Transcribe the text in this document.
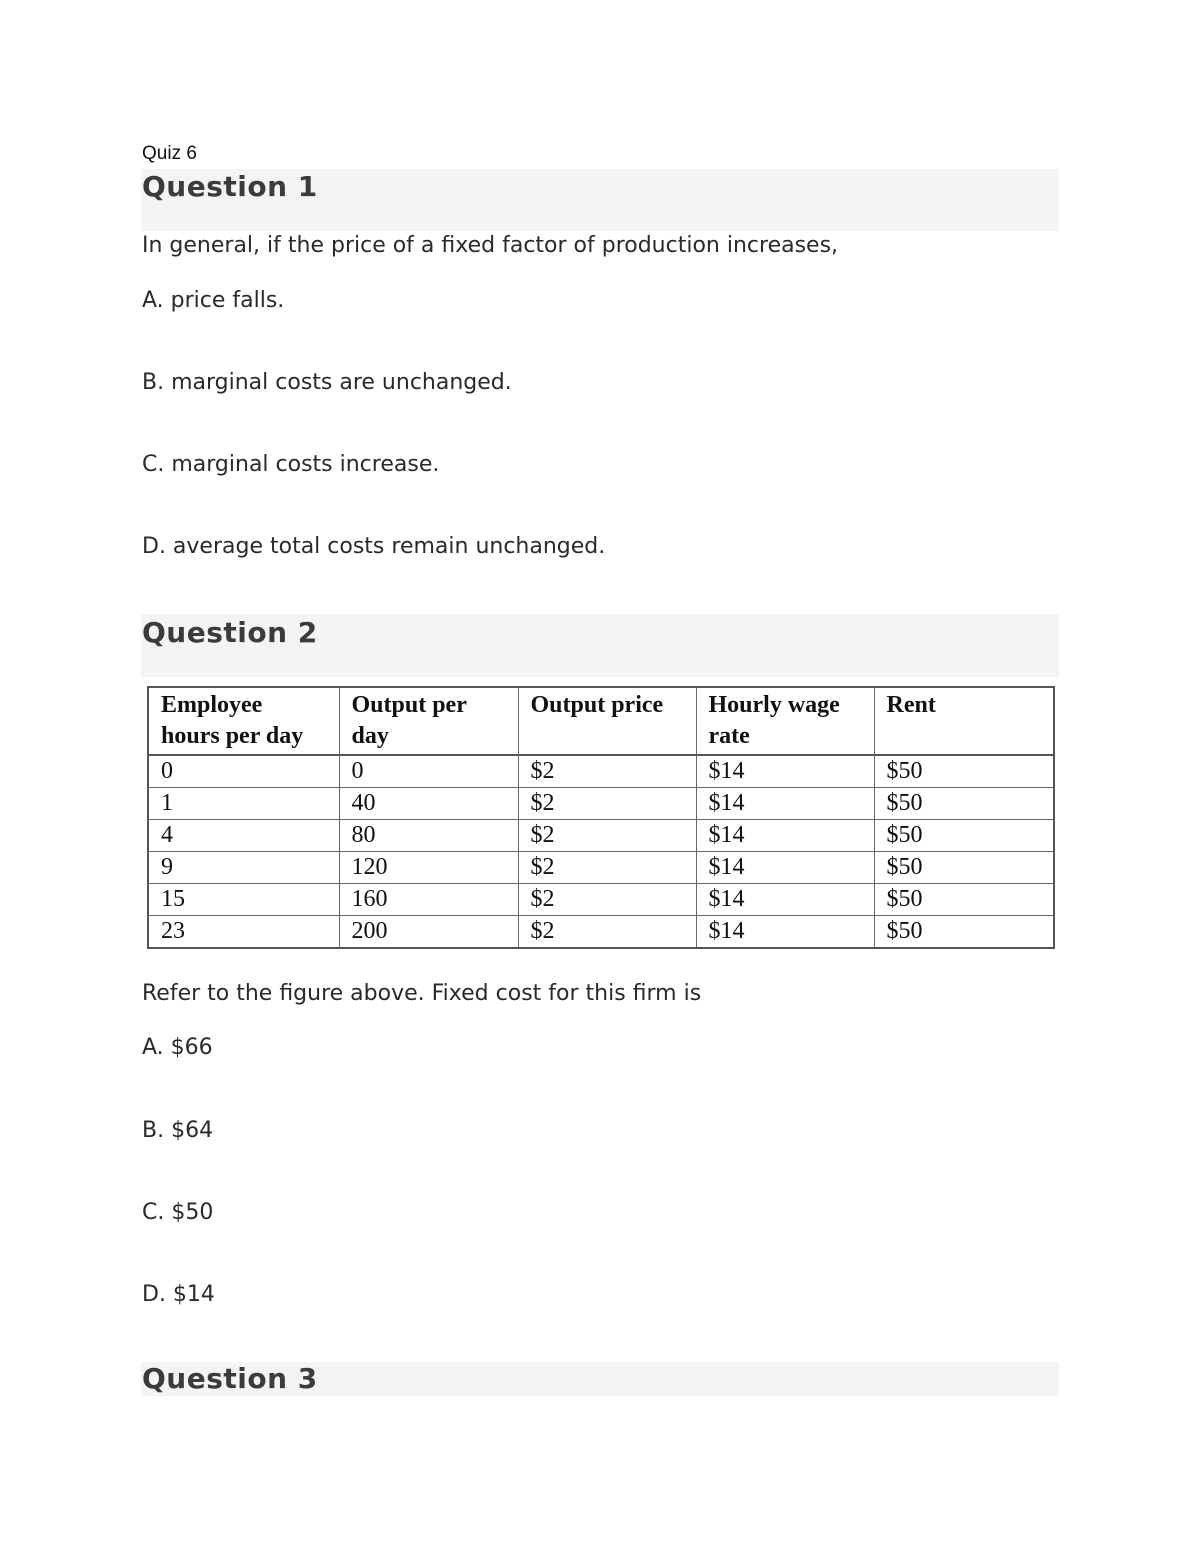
Quiz 6
Question 1
In general, if the price of a fixed factor of production increases,
A. price falls.
B. marginal costs are unchanged.
C. marginal costs increase.
D. average total costs remain unchanged.
Question 2
Employee hours per day	Output per day	Output price	Hourly wage rate	Rent
0	0	$2	$14	$50
1	40	$2	$14	$50
4	80	$2	$14	$50
9	120	$2	$14	$50
15	160	$2	$14	$50
23	200	$2	$14	$50
Refer to the figure above. Fixed cost for this firm is
A. $66
B. $64
C. $50
D. $14
Question 3
